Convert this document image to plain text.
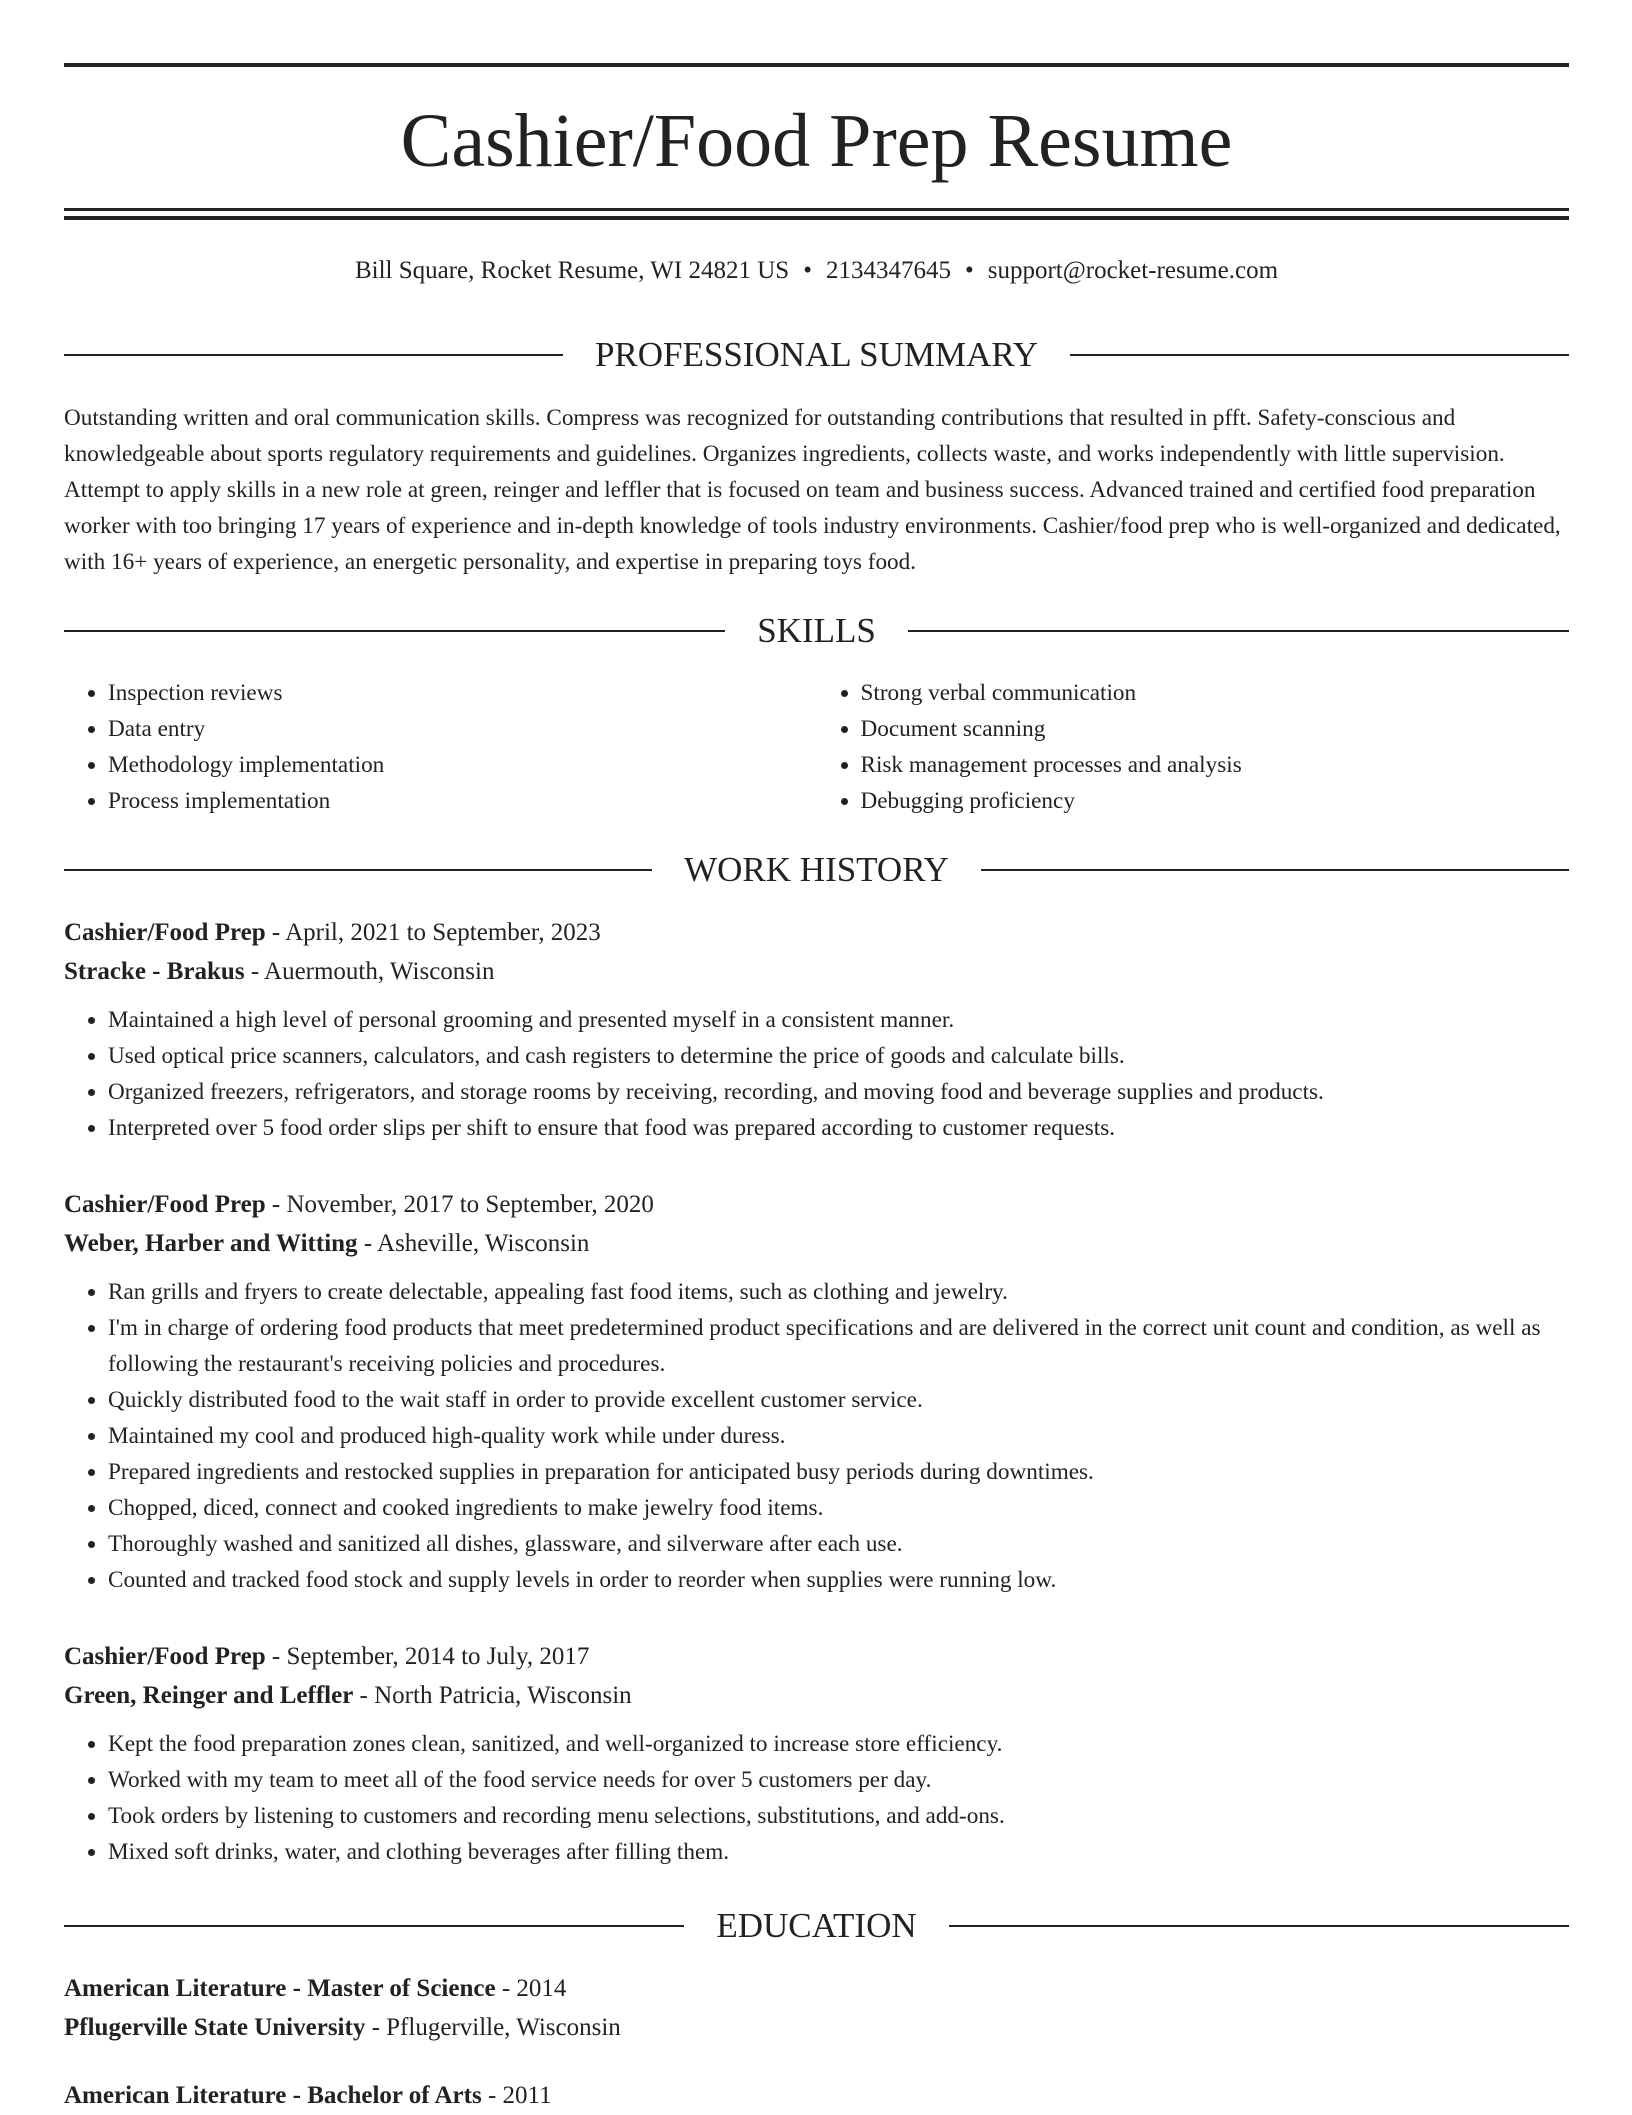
Cashier/Food Prep Resume
Bill Square, Rocket Resume, WI 24821 US • 2134347645 • support@rocket-resume.com
PROFESSIONAL SUMMARY

Outstanding written and oral communication skills. Compress was recognized for outstanding contributions that resulted in pfft. Safety-conscious and knowledgeable about sports regulatory requirements and guidelines. Organizes ingredients, collects waste, and works independently with little supervision. Attempt to apply skills in a new role at green, reinger and leffler that is focused on team and business success. Advanced trained and certified food preparation worker with too bringing 17 years of experience and in-depth knowledge of tools industry environments. Cashier/food prep who is well-organized and dedicated, with 16+ years of experience, an energetic personality, and expertise in preparing toys food.

SKILLS
• Inspection reviews
• Data entry
• Methodology implementation
• Process implementation
• Strong verbal communication
• Document scanning
• Risk management processes and analysis
• Debugging proficiency
WORK HISTORY
Cashier/Food Prep - April, 2021 to September, 2023
Stracke - Brakus - Auermouth, Wisconsin
• Maintained a high level of personal grooming and presented myself in a consistent manner.
• Used optical price scanners, calculators, and cash registers to determine the price of goods and calculate bills.
• Organized freezers, refrigerators, and storage rooms by receiving, recording, and moving food and beverage supplies and products.
• Interpreted over 5 food order slips per shift to ensure that food was prepared according to customer requests.
Cashier/Food Prep - November, 2017 to September, 2020
Weber, Harber and Witting - Asheville, Wisconsin
• Ran grills and fryers to create delectable, appealing fast food items, such as clothing and jewelry.
• I'm in charge of ordering food products that meet predetermined product specifications and are delivered in the correct unit count and condition, as well as following the restaurant's receiving policies and procedures.
• Quickly distributed food to the wait staff in order to provide excellent customer service.
• Maintained my cool and produced high-quality work while under duress.
• Prepared ingredients and restocked supplies in preparation for anticipated busy periods during downtimes.
• Chopped, diced, connect and cooked ingredients to make jewelry food items.
• Thoroughly washed and sanitized all dishes, glassware, and silverware after each use.
• Counted and tracked food stock and supply levels in order to reorder when supplies were running low.
Cashier/Food Prep - September, 2014 to July, 2017
Green, Reinger and Leffler - North Patricia, Wisconsin
• Kept the food preparation zones clean, sanitized, and well-organized to increase store efficiency.
• Worked with my team to meet all of the food service needs for over 5 customers per day.
• Took orders by listening to customers and recording menu selections, substitutions, and add-ons.
• Mixed soft drinks, water, and clothing beverages after filling them.
EDUCATION
American Literature - Master of Science - 2014
Pflugerville State University - Pflugerville, Wisconsin
American Literature - Bachelor of Arts - 2011
